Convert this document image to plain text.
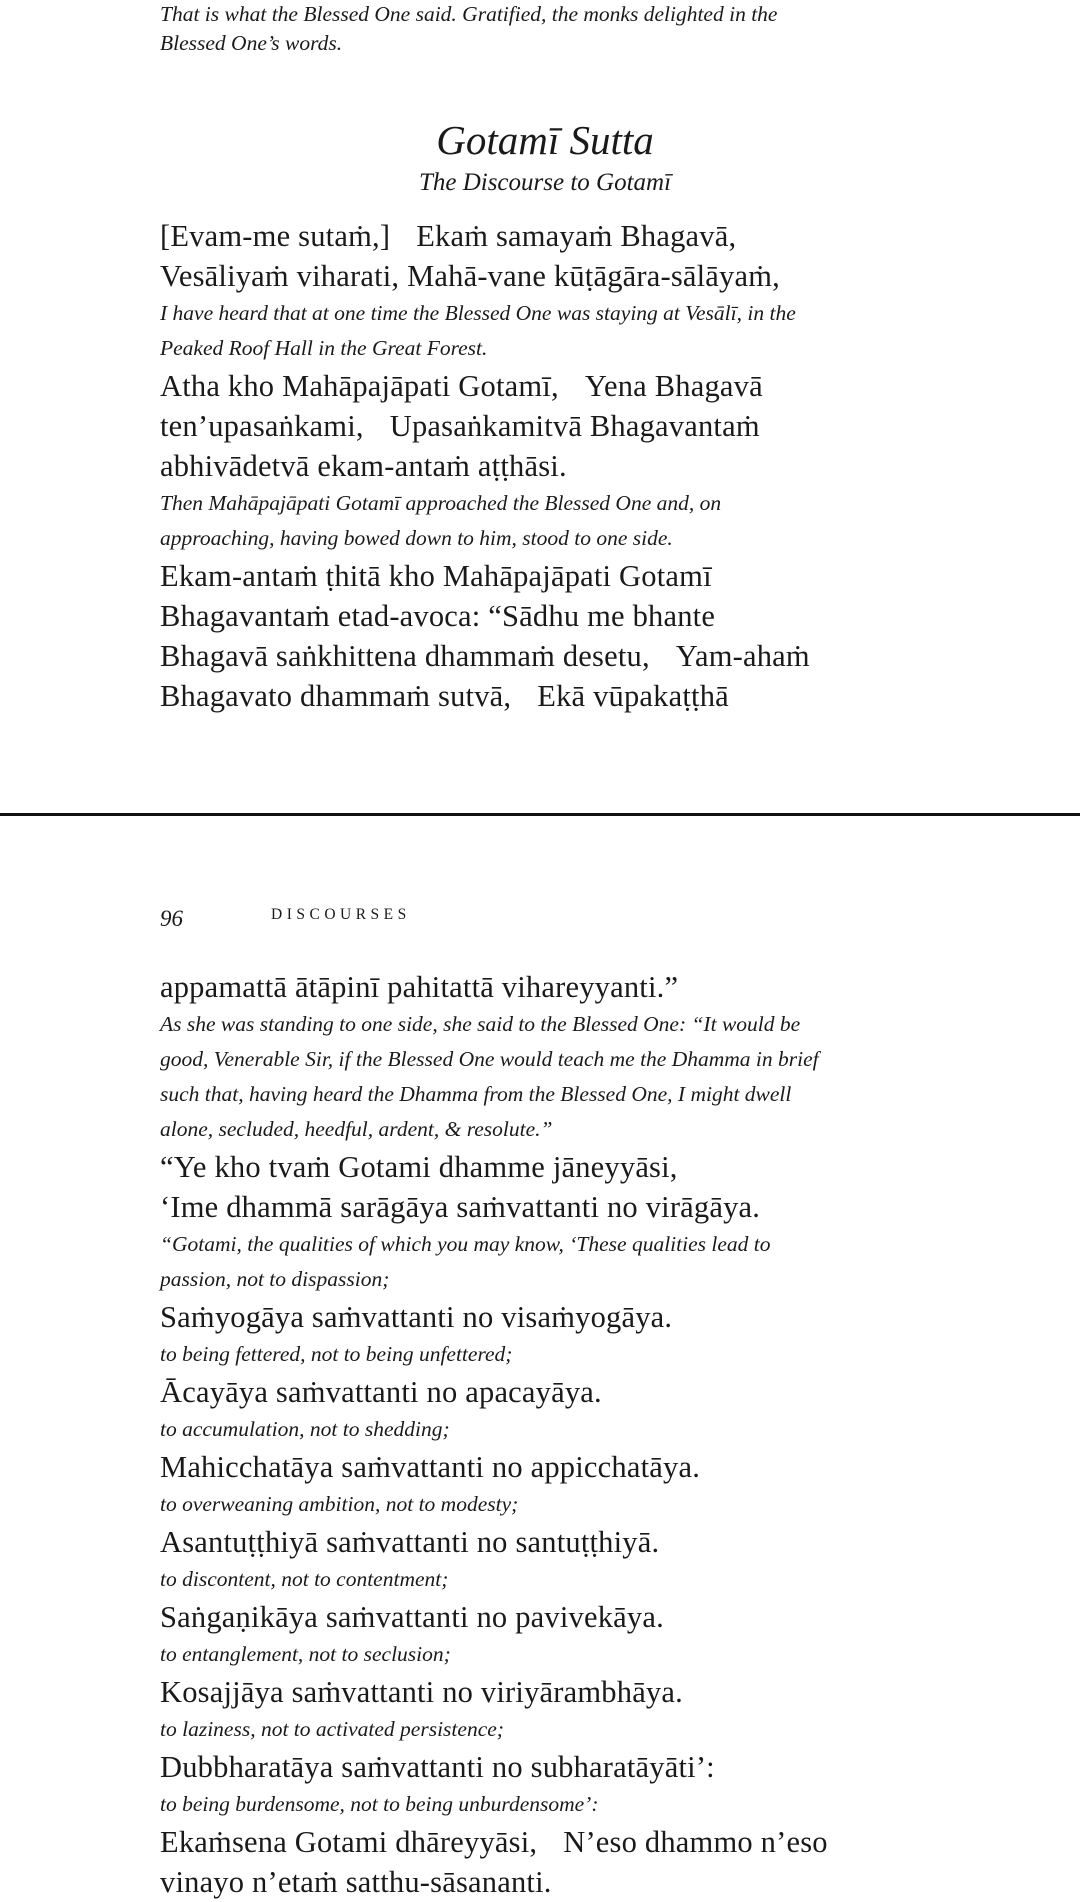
That is what the Blessed One said. Gratified, the monks delighted in the

Blessed One’s words.

Gotamī Sutta

The Discourse to Gotamī

[Evam-me sutaṁ,] Ekaṁ samayaṁ Bhagavā,

Vesāliyaṁ viharati, Mahā-vane kūṭāgāra-sālāyaṁ,

I have heard that at one time the Blessed One was staying at Vesālī, in the

Peaked Roof Hall in the Great Forest.

Atha kho Mahāpajāpati Gotamī, Yena Bhagavā

ten’upasaṅkami, Upasaṅkamitvā Bhagavantaṁ

abhivādetvā ekam-antaṁ aṭṭhāsi.

Then Mahāpajāpati Gotamī approached the Blessed One and, on

approaching, having bowed down to him, stood to one side.

Ekam-antaṁ ṭhitā kho Mahāpajāpati Gotamī

Bhagavantaṁ etad-avoca: “Sādhu me bhante

Bhagavā saṅkhittena dhammaṁ desetu, Yam-ahaṁ

Bhagavato dhammaṁ sutvā, Ekā vūpakaṭṭhā

96	DISCOURSES

appamattā ātāpinī pahitattā vihareyyanti.”

As she was standing to one side, she said to the Blessed One: “It would be

good, Venerable Sir, if the Blessed One would teach me the Dhamma in brief

such that, having heard the Dhamma from the Blessed One, I might dwell

alone, secluded, heedful, ardent, & resolute.”

“Ye kho tvaṁ Gotami dhamme jāneyyāsi,

‘Ime dhammā sarāgāya saṁvattanti no virāgāya.

“Gotami, the qualities of which you may know, ‘These qualities lead to

passion, not to dispassion;

Saṁyogāya saṁvattanti no visaṁyogāya.

to being fettered, not to being unfettered;

Ācayāya saṁvattanti no apacayāya.

to accumulation, not to shedding;

Mahicchatāya saṁvattanti no appicchatāya.

to overweaning ambition, not to modesty;

Asantuṭṭhiyā saṁvattanti no santuṭṭhiyā.

to discontent, not to contentment;

Saṅgaṇikāya saṁvattanti no pavivekāya.

to entanglement, not to seclusion;

Kosajjāya saṁvattanti no viriyārambhāya.

to laziness, not to activated persistence;

Dubbharatāya saṁvattanti no subharatāyāti’:

to being burdensome, not to being unburdensome’:

Ekaṁsena Gotami dhāreyyāsi, N’eso dhammo n’eso

vinayo n’etaṁ satthu-sāsananti.
